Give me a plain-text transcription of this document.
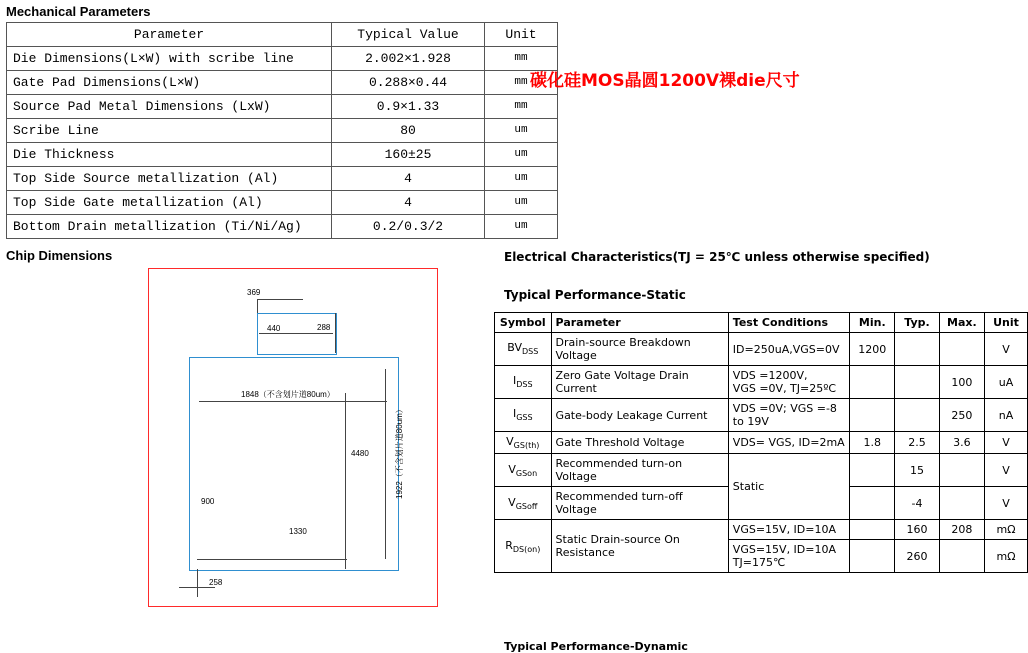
Mechanical Parameters
Parameter	Typical Value	Unit
Die Dimensions(L×W) with scribe line	2.002×1.928	mm
Gate Pad Dimensions(L×W)	0.288×0.44	mm
Source Pad Metal Dimensions (LxW)	0.9×1.33	mm
Scribe Line	80	um
Die Thickness	160±25	um
Top Side Source metallization (Al)	4	um
Top Side Gate metallization (Al)	4	um
Bottom Drain metallization (Ti/Ni/Ag)	0.2/0.3/2	um
碳化硅MOS晶圆1200V裸die尺寸
Chip Dimensions
369
440	288
1848（不含划片道80um）
1922（不含划片道80um）
4480
900
1330
258
Electrical Characteristics(TJ = 25℃ unless otherwise specified)
Typical Performance-Static
Symbol	Parameter	Test Conditions	Min.	Typ.	Max.	Unit
$BV_{DSS}$	Drain-source Breakdown Voltage	ID=250uA,VGS=0V	1200			V
$I_{DSS}$	Zero Gate Voltage Drain Current	VDS =1200V,
VGS =0V, TJ=25ºC			100	uA
$I_{GSS}$	Gate-body Leakage Current	VDS =0V; VGS =-8 to 19V			250	nA
$V_{GS(th)}$	Gate Threshold Voltage	VDS= VGS, ID=2mA	1.8	2.5	3.6	V
$V_{GSon}$	Recommended turn-on Voltage	Static		15		V
$V_{GSoff}$	Recommended turn-off Voltage			-4		V
$R_{DS(on)}$	Static Drain-source On Resistance	VGS=15V, ID=10A		160	208	mΩ

		VGS=15V, ID=10A
TJ=175℃		260		mΩ
Typical Performance-Dynamic
